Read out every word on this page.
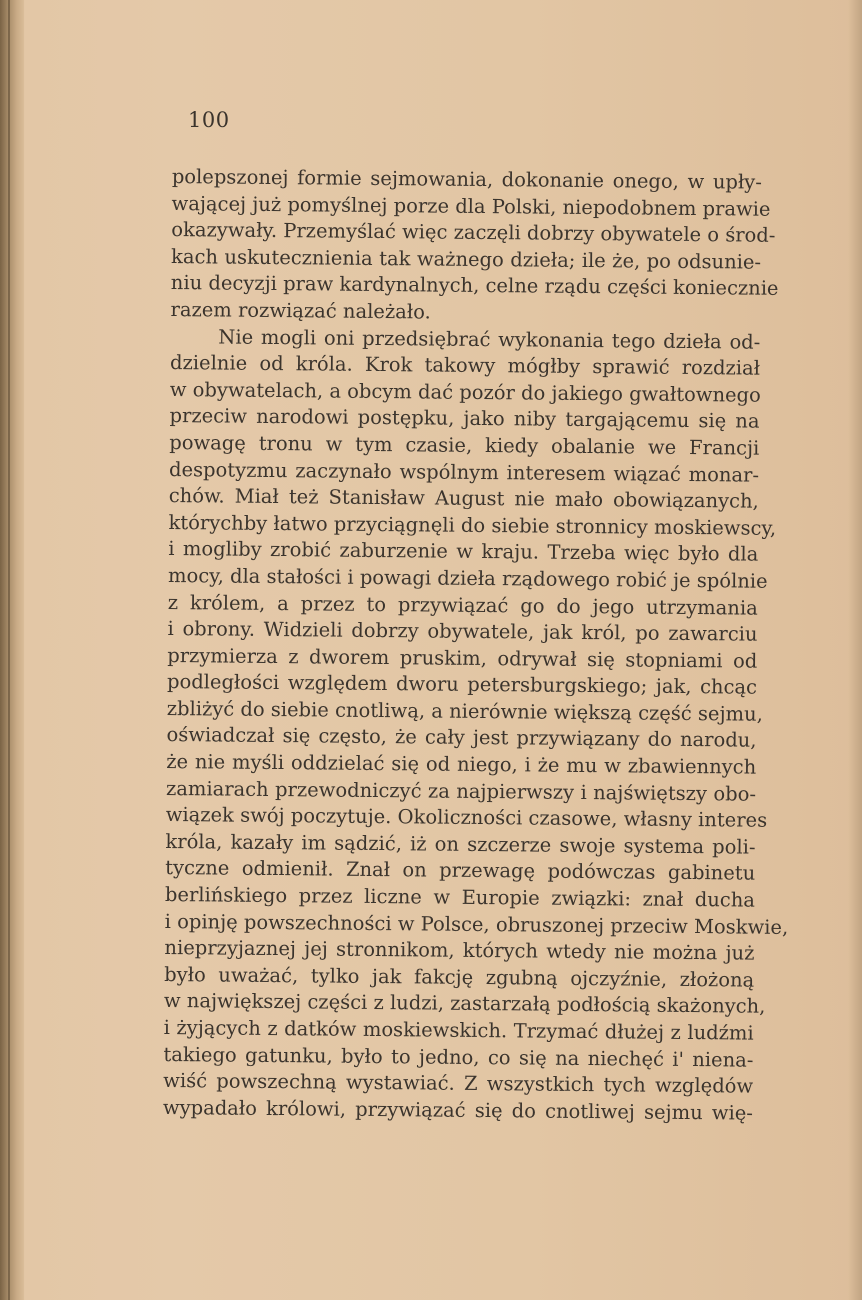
100
polepszonej formie sejmowania, dokonanie onego, w upły-
wającej już pomyślnej porze dla Polski, niepodobnem prawie
okazywały. Przemyślać więc zaczęli dobrzy obywatele o środ-
kach uskutecznienia tak ważnego dzieła; ile że, po odsunie-
niu decyzji praw kardynalnych, celne rządu części koniecznie
razem rozwiązać należało.
Nie mogli oni przedsiębrać wykonania tego dzieła od-
dzielnie od króla. Krok takowy mógłby sprawić rozdział
w obywatelach, a obcym dać pozór do jakiego gwałtownego
przeciw narodowi postępku, jako niby targającemu się na
powagę tronu w tym czasie, kiedy obalanie we Francji
despotyzmu zaczynało wspólnym interesem wiązać monar-
chów. Miał też Stanisław August nie mało obowiązanych,
którychby łatwo przyciągnęli do siebie stronnicy moskiewscy,
i mogliby zrobić zaburzenie w kraju. Trzeba więc było dla
mocy, dla stałości i powagi dzieła rządowego robić je spólnie
z królem, a przez to przywiązać go do jego utrzymania
i obrony. Widzieli dobrzy obywatele, jak król, po zawarciu
przymierza z dworem pruskim, odrywał się stopniami od
podległości względem dworu petersburgskiego; jak, chcąc
zbliżyć do siebie cnotliwą, a nierównie większą część sejmu,
oświadczał się często, że cały jest przywiązany do narodu,
że nie myśli oddzielać się od niego, i że mu w zbawiennych
zamiarach przewodniczyć za najpierwszy i najświętszy obo-
wiązek swój poczytuje. Okoliczności czasowe, własny interes
króla, kazały im sądzić, iż on szczerze swoje systema poli-
tyczne odmienił. Znał on przewagę podówczas gabinetu
berlińskiego przez liczne w Europie związki: znał ducha
i opinję powszechności w Polsce, obruszonej przeciw Moskwie,
nieprzyjaznej jej stronnikom, których wtedy nie można już
było uważać, tylko jak fakcję zgubną ojczyźnie, złożoną
w największej części z ludzi, zastarzałą podłością skażonych,
i żyjących z datków moskiewskich. Trzymać dłużej z ludźmi
takiego gatunku, było to jedno, co się na niechęć i' niena-
wiść powszechną wystawiać. Z wszystkich tych względów
wypadało królowi, przywiązać się do cnotliwej sejmu wię-
